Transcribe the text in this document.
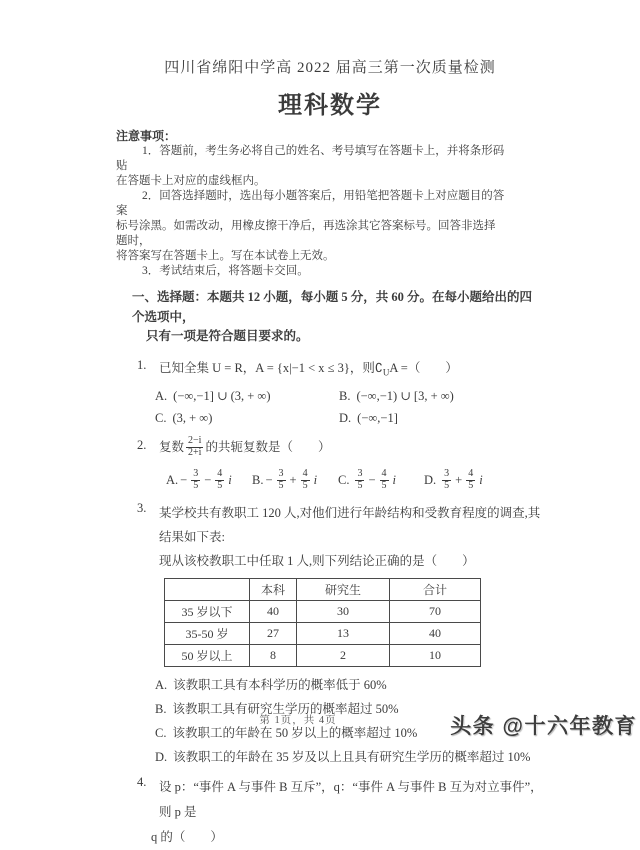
四川省绵阳中学高 2022 届高三第一次质量检测
理科数学
注意事项：
1．答题前，考生务必将自己的姓名、考号填写在答题卡上，并将条形码
贴
在答题卡上对应的虚线框内。
2．回答选择题时，选出每小题答案后，用铅笔把答题卡上对应题目的答
案
标号涂黑。如需改动，用橡皮擦干净后，再选涂其它答案标号。回答非选择
题时，
将答案写在答题卡上。写在本试卷上无效。
3．考试结束后，将答题卡交回。
一、选择题：本题共 12 小题，每小题 5 分，共 60 分。在每小题给出的四个选项中，
只有一项是符合题目要求的。
1.	已知全集 U = R，A = {x|−1 < x ≤ 3}，则$∁_UA$ =（　　）
A. (−∞,−1] ∪ (3, + ∞)	B. (−∞,−1) ∪ [3, + ∞)
C. (3, + ∞)	D. (−∞,−1]
2.	复数 $\frac{2-i}{2+i}$ 的共轭复数是（　　）
A. − $\frac{3}{5} - \frac{4}{5}$ i B. − $\frac{3}{5} + \frac{4}{5}$ i C. $\frac{3}{5} - \frac{4}{5}$ i D. $\frac{3}{5} + \frac{4}{5}$ i
3.	某学校共有教职工 120 人,对他们进行年龄结构和受教育程度的调查,其结果如下表:
现从该校教职工中任取 1 人,则下列结论正确的是（　　）
	本科	研究生	合计
35 岁以下	40	30	70
35-50 岁	27	13	40
50 岁以上	8	2	10
A. 该教职工具有本科学历的概率低于 60%
B. 该教职工具有研究生学历的概率超过 50%
C. 该教职工的年龄在 50 岁以上的概率超过 10%
D. 该教职工的年龄在 35 岁及以上且具有研究生学历的概率超过 10%
4.	设 p：“事件 A 与事件 B 互斥”，q：“事件 A 与事件 B 互为对立事件”，则 p 是
q 的（　　）
第 1页，共 4页	头条 @十六年教育
